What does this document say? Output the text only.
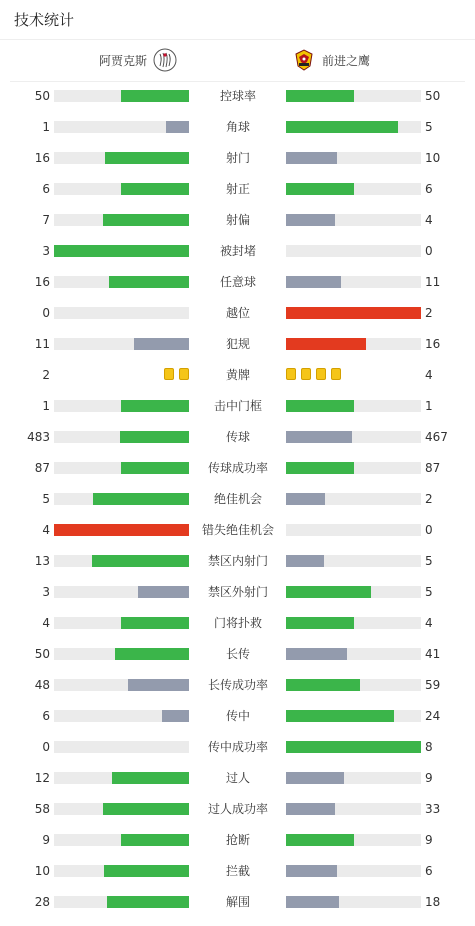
技术统计
阿贾克斯	前进之鹰
50	控球率	50
1	角球	5
16	射门	10
6	射正	6
7	射偏	4
3	被封堵	0
16	任意球	11
0	越位	2
11	犯规	16
2	黄牌	4
1	击中门框	1
483	传球	467
87	传球成功率	87
5	绝佳机会	2
4	错失绝佳机会	0
13	禁区内射门	5
3	禁区外射门	5
4	门将扑救	4
50	长传	41
48	长传成功率	59
6	传中	24
0	传中成功率	8
12	过人	9
58	过人成功率	33
9	抢断	9
10	拦截	6
28	解围	18
